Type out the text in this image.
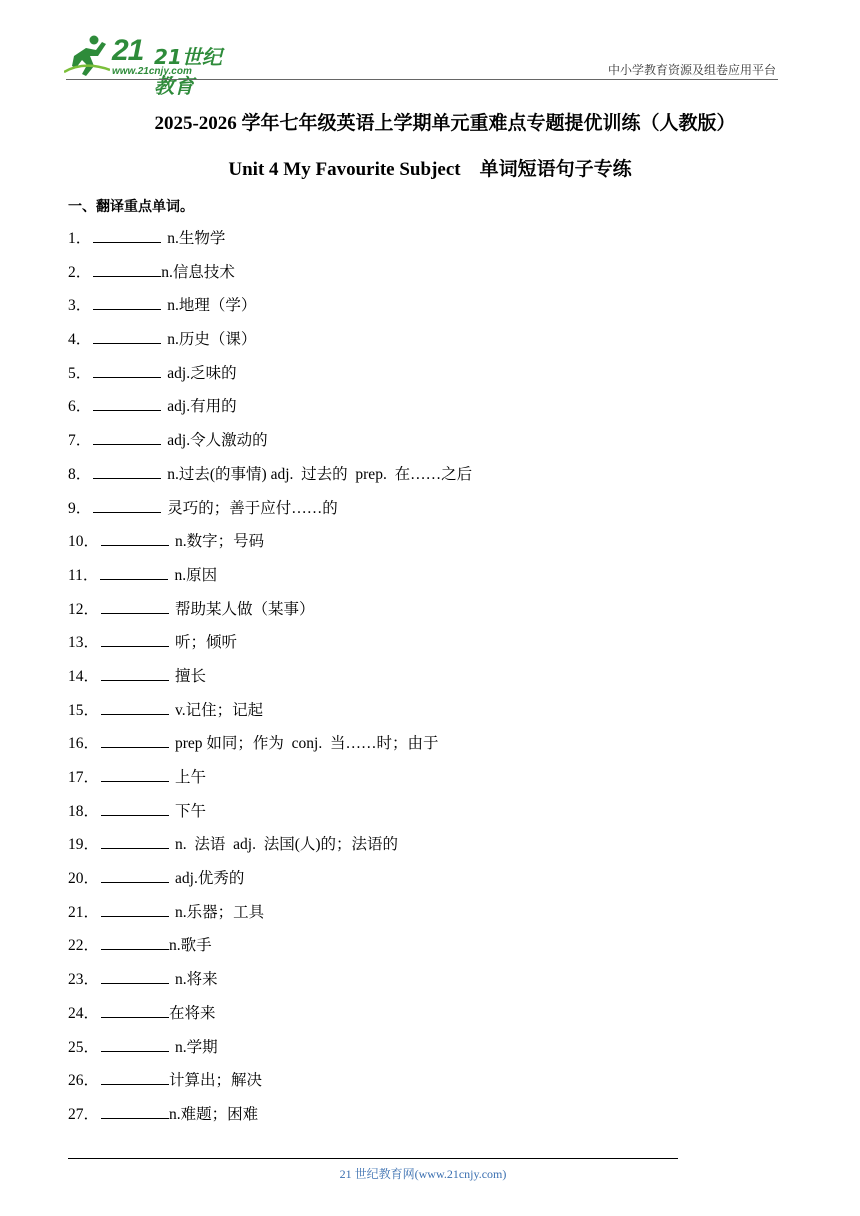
21 21世纪教育
www.21cnjy.com	中小学教育资源及组卷应用平台
2025-2026 学年七年级英语上学期单元重难点专题提优训练（人教版）
Unit 4 My Favourite Subject    单词短语句子专练
一、翻译重点单词。
1．	n.生物学
2．	n.信息技术
3．	n.地理（学）
4．	n.历史（课）
5．	adj.乏味的
6．	adj.有用的
7．	adj.令人激动的
8．	n.过去(的事情) adj.  过去的  prep.  在……之后
9．	灵巧的；善于应付……的
10．	n.数字；号码
11．	n.原因
12．	帮助某人做（某事）
13．	听；倾听
14．	擅长
15．	v.记住；记起
16．	prep 如同；作为  conj.  当……时；由于
17．	上午
18．	下午
19．	n.  法语  adj.  法国(人)的；法语的
20．	adj.优秀的
21．	n.乐器；工具
22．	n.歌手
23．	n.将来
24．	在将来
25．	n.学期
26．	计算出；解决
27．	n.难题；困难
21 世纪教育网(www.21cnjy.com)
